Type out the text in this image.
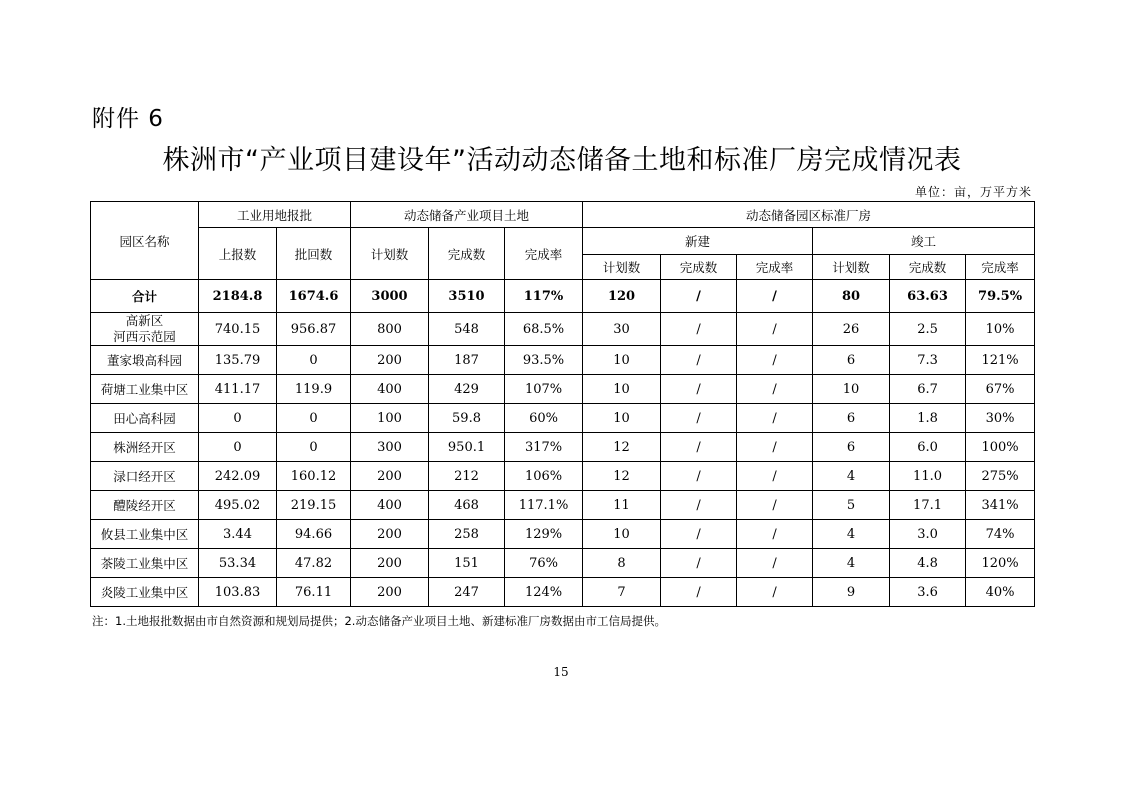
附件 6
株洲市“产业项目建设年”活动动态储备土地和标准厂房完成情况表
单位：亩，万平方米
园区名称	工业用地报批		动态储备产业项目土地			动态储备园区标准厂房					
	上报数	批回数	计划数	完成数	完成率	新建			竣工		
						计划数	完成数	完成率	计划数	完成数	完成率
合计	2184.8	1674.6	3000	3510	117%	120	/	/	80	63.63	79.5%

高新区
河西示范园	740.15	956.87	800	548	68.5%	30	/	/	26	2.5	10%
董家塅高科园	135.79	0	200	187	93.5%	10	/	/	6	7.3	121%
荷塘工业集中区	411.17	119.9	400	429	107%	10	/	/	10	6.7	67%
田心高科园	0	0	100	59.8	60%	10	/	/	6	1.8	30%
株洲经开区	0	0	300	950.1	317%	12	/	/	6	6.0	100%
渌口经开区	242.09	160.12	200	212	106%	12	/	/	4	11.0	275%
醴陵经开区	495.02	219.15	400	468	117.1%	11	/	/	5	17.1	341%
攸县工业集中区	3.44	94.66	200	258	129%	10	/	/	4	3.0	74%
茶陵工业集中区	53.34	47.82	200	151	76%	8	/	/	4	4.8	120%
炎陵工业集中区	103.83	76.11	200	247	124%	7	/	/	9	3.6	40%
注：1.土地报批数据由市自然资源和规划局提供；2.动态储备产业项目土地、新建标准厂房数据由市工信局提供。
15
